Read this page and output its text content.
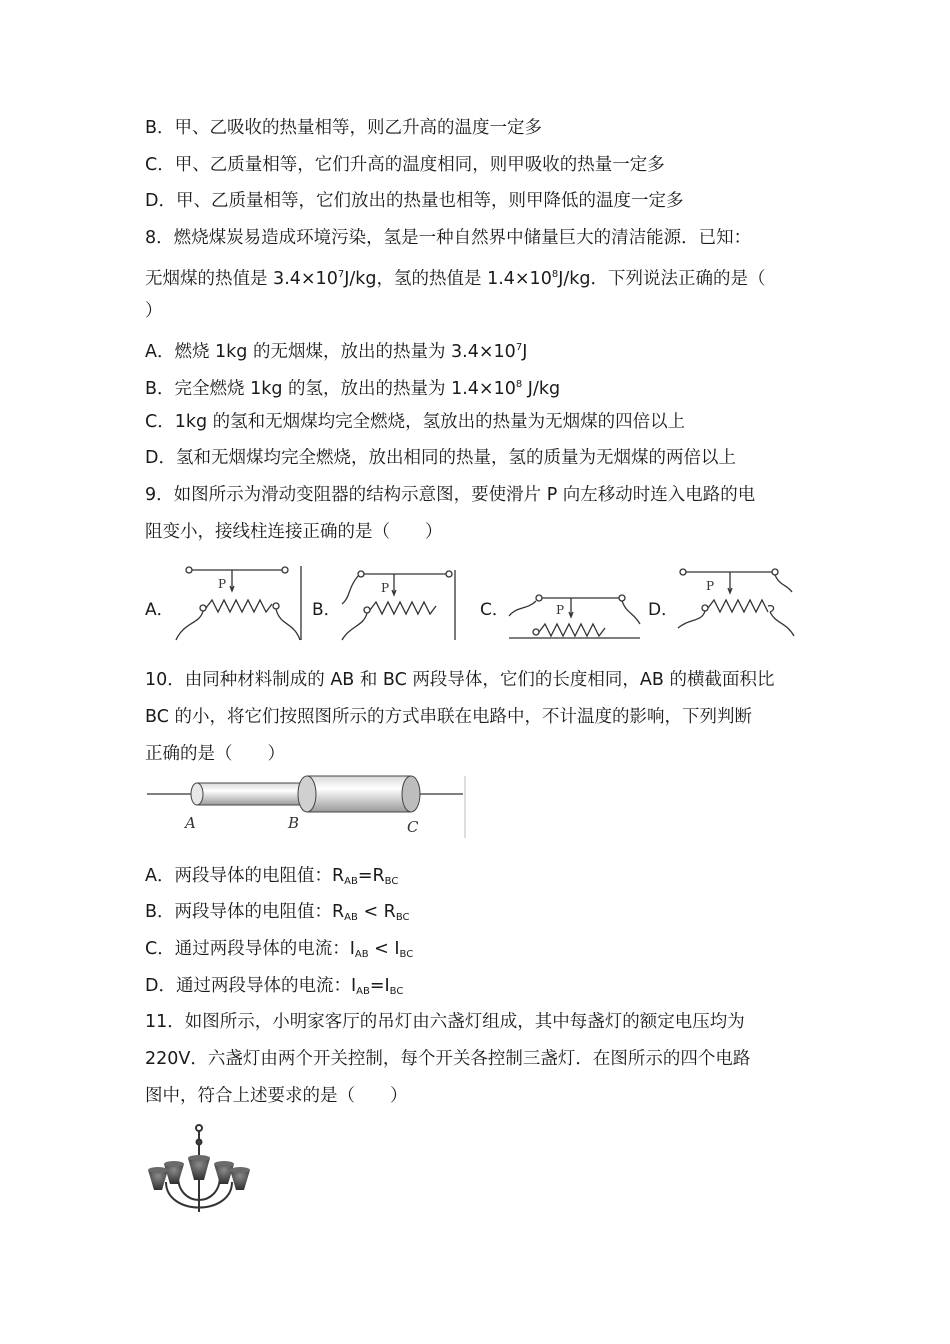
B．甲、乙吸收的热量相等，则乙升高的温度一定多
C．甲、乙质量相等，它们升高的温度相同，则甲吸收的热量一定多
D．甲、乙质量相等，它们放出的热量也相等，则甲降低的温度一定多
8．燃烧煤炭易造成环境污染，氢是一种自然界中储量巨大的清洁能源．已知：
无烟煤的热值是 $3.4\times 10^7J/kg$，氢的热值是 $1.4\times 10^8J/kg$．下列说法正确的是（
）
A．燃烧 1kg 的无烟煤，放出的热量为 $3.4\times 10^7J$
B．完全燃烧 1kg 的氢，放出的热量为 $1.4\times 10^8$ J/kg
C．1kg 的氢和无烟煤均完全燃烧，氢放出的热量为无烟煤的四倍以上
D．氢和无烟煤均完全燃烧，放出相同的热量，氢的质量为无烟煤的两倍以上
9．如图所示为滑动变阻器的结构示意图，要使滑片 P 向左移动时连入电路的电
阻变小，接线柱连接正确的是（　　）
A．
P
B．
P
C．	P	D．
P
10．由同种材料制成的 AB 和 BC 两段导体，它们的长度相同，AB 的横截面积比
BC 的小，将它们按照图所示的方式串联在电路中，不计温度的影响，下列判断
正确的是（　　）
A	B	C
A．两段导体的电阻值：$R_{AB}=R_{BC}$
B．两段导体的电阻值：$R_{AB} < R_{BC}$
C．通过两段导体的电流：$I_{AB} < I_{BC}$
D．通过两段导体的电流：$I_{AB}=I_{BC}$
11．如图所示，小明家客厅的吊灯由六盏灯组成，其中每盏灯的额定电压均为
220V．六盏灯由两个开关控制，每个开关各控制三盏灯．在图所示的四个电路
图中，符合上述要求的是（　　）
